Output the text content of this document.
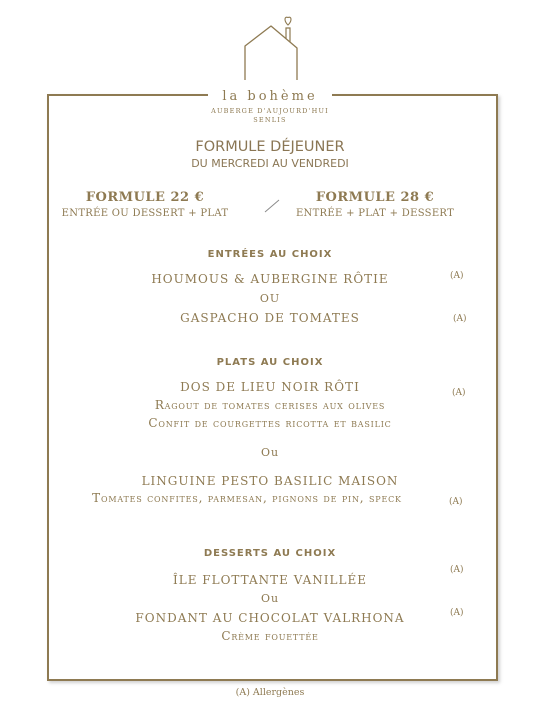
la bohème
AUBERGE D'AUJOURD'HUI
SENLIS
FORMULE DÉJEUNER
DU MERCREDI AU VENDREDI
FORMULE 22 €
ENTRÉE OU DESSERT + PLAT
FORMULE 28 €
ENTRÉE + PLAT + DESSERT
ENTRÉES AU CHOIX
HOUMOUS & AUBERGINE RÔTIE	(A)
OU
GASPACHO DE TOMATES	(A)
PLATS AU CHOIX
DOS DE LIEU NOIR RÔTI	(A)
Ragout de tomates cerises aux olives
Confit de courgettes ricotta et basilic
Ou
LINGUINE PESTO BASILIC MAISON
Tomates confites, parmesan, pignons de pin, speck	(A)
DESSERTS AU CHOIX
ÎLE FLOTTANTE VANILLÉE
(A)
Ou
FONDANT AU CHOCOLAT VALRHONA	(A)
Crème fouettée
(A) Allergènes
